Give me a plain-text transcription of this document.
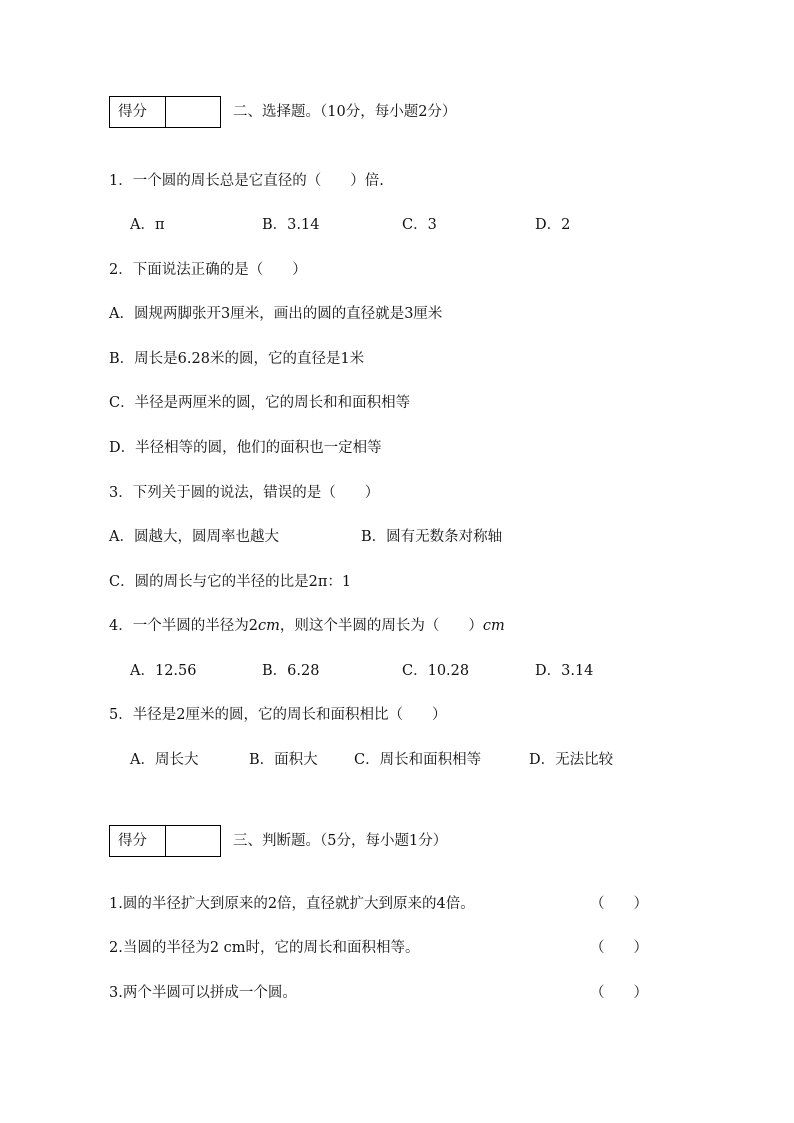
得分	二、选择题。（10分，每小题2分）
1．一个圆的周长总是它直径的（　　）倍.
A．π	B．3.14	C．3	D．2
2．下面说法正确的是（　　）
A．圆规两脚张开3厘米，画出的圆的直径就是3厘米
B．周长是6.28米的圆，它的直径是1米
C．半径是两厘米的圆，它的周长和和面积相等
D．半径相等的圆，他们的面积也一定相等
3．下列关于圆的说法，错误的是（　　）
A．圆越大，圆周率也越大	B．圆有无数条对称轴
C．圆的周长与它的半径的比是2π：1
4．一个半圆的半径为2cm，则这个半圆的周长为（　　）cm
A．12.56	B．6.28	C．10.28	D．3.14
5．半径是2厘米的圆，它的周长和面积相比（　　）
A．周长大	B．面积大	C．周长和面积相等	D．无法比较
得分	三、判断题。（5分，每小题1分）
1.圆的半径扩大到原来的2倍，直径就扩大到原来的4倍。	（　　）
2.当圆的半径为2 cm时，它的周长和面积相等。	（　　）
3.两个半圆可以拼成一个圆。	（　　）
